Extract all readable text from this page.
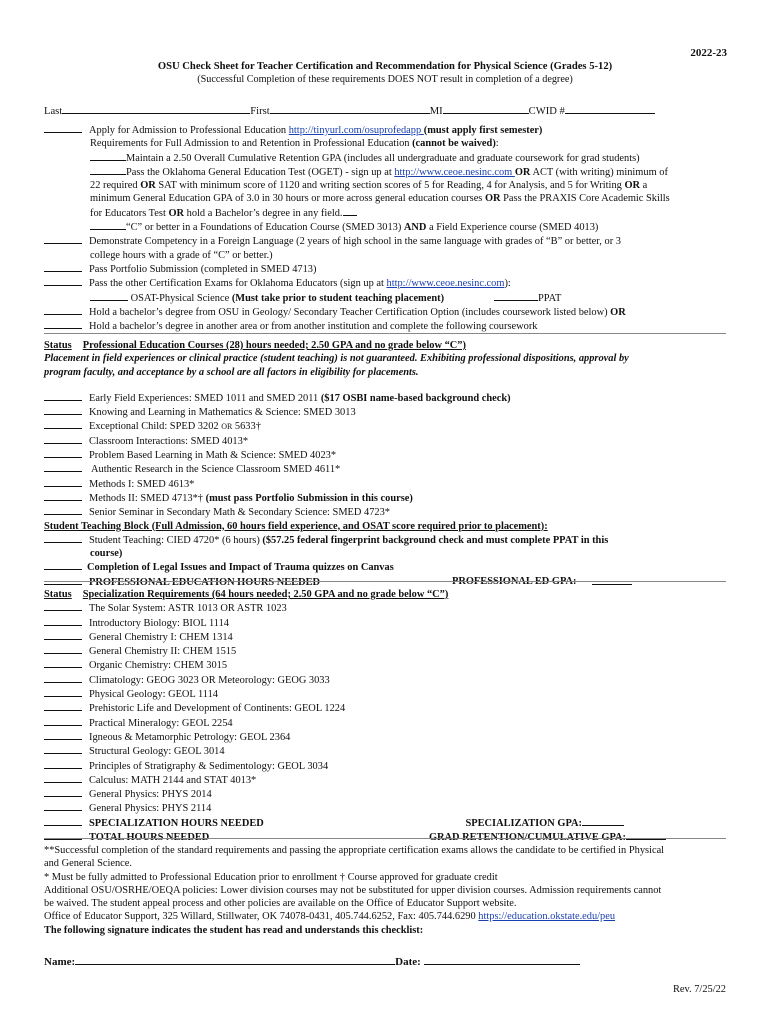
2022-23
OSU Check Sheet for Teacher Certification and Recommendation for Physical Science (Grades 5-12)
(Successful Completion of these requirements DOES NOT result in completion of a degree)
Last	First	MI	CWID #
Apply for Admission to Professional Education http://tinyurl.com/osuprofedapp (must apply first semester)
Requirements for Full Admission to and Retention in Professional Education (cannot be waived):
Maintain a 2.50 Overall Cumulative Retention GPA (includes all undergraduate and graduate coursework for grad students)
Pass the Oklahoma General Education Test (OGET) - sign up at http://www.ceoe.nesinc.com OR ACT (with writing) minimum of
22 required OR SAT with minimum score of 1120 and writing section scores of 5 for Reading, 4 for Analysis, and 5 for Writing OR a
minimum General Education GPA of 3.0 in 30 hours or more across general education courses OR Pass the PRAXIS Core Academic Skills
for Educators Test OR hold a Bachelor’s degree in any field.
“C” or better in a Foundations of Education Course (SMED 3013) AND a Field Experience course (SMED 4013)
Demonstrate Competency in a Foreign Language (2 years of high school in the same language with grades of “B” or better, or 3
college hours with a grade of “C” or better.)
Pass Portfolio Submission (completed in SMED 4713)
Pass the other Certification Exams for Oklahoma Educators (sign up at http://www.ceoe.nesinc.com):
OSAT-Physical Science (Must take prior to student teaching placement)	PPAT
Hold a bachelor’s degree from OSU in Geology/ Secondary Teacher Certification Option (includes coursework listed below) OR
Hold a bachelor’s degree in another area or from another institution and complete the following coursework
Status Professional Education Courses (28) hours needed; 2.50 GPA and no grade below “C”)
Placement in field experiences or clinical practice (student teaching) is not guaranteed. Exhibiting professional dispositions, approval by
program faculty, and acceptance by a school are all factors in eligibility for placements.
Early Field Experiences: SMED 1011 and SMED 2011 ($17 OSBI name-based background check)
Knowing and Learning in Mathematics & Science: SMED 3013
Exceptional Child: SPED 3202 OR 5633†
Classroom Interactions: SMED 4013*
Problem Based Learning in Math & Science: SMED 4023*
Authentic Research in the Science Classroom SMED 4611*
Methods I: SMED 4613*
Methods II: SMED 4713*† (must pass Portfolio Submission in this course)
Senior Seminar in Secondary Math & Secondary Science: SMED 4723*
Student Teaching Block (Full Admission, 60 hours field experience, and OSAT score required prior to placement):
Student Teaching: CIED 4720* (6 hours) ($57.25 federal fingerprint background check and must complete PPAT in this
course)
Completion of Legal Issues and Impact of Trauma quizzes on Canvas
PROFESSIONAL EDUCATION HOURS NEEDED	PROFESSIONAL ED GPA:
Status Specialization Requirements (64 hours needed; 2.50 GPA and no grade below “C”)
The Solar System: ASTR 1013 OR ASTR 1023
Introductory Biology: BIOL 1114
General Chemistry I: CHEM 1314
General Chemistry II: CHEM 1515
Organic Chemistry: CHEM 3015
Climatology: GEOG 3023 OR Meteorology: GEOG 3033
Physical Geology: GEOL 1114
Prehistoric Life and Development of Continents: GEOL 1224
Practical Mineralogy: GEOL 2254
Igneous & Metamorphic Petrology: GEOL 2364
Structural Geology: GEOL 3014
Principles of Stratigraphy & Sedimentology: GEOL 3034
Calculus: MATH 2144 and STAT 4013*
General Physics: PHYS 2014
General Physics: PHYS 2114
SPECIALIZATION HOURS NEEDED	SPECIALIZATION GPA:
TOTAL HOURS NEEDED	GRAD RETENTION/CUMULATIVE GPA:
**Successful completion of the standard requirements and passing the appropriate certification exams allows the candidate to be certified in Physical
and General Science.
* Must be fully admitted to Professional Education prior to enrollment † Course approved for graduate credit
Additional OSU/OSRHE/OEQA policies: Lower division courses may not be substituted for upper division courses. Admission requirements cannot
be waived. The student appeal process and other policies are available on the Office of Educator Support website.
Office of Educator Support, 325 Willard, Stillwater, OK 74078-0431, 405.744.6252, Fax: 405.744.6290 https://education.okstate.edu/peu
The following signature indicates the student has read and understands this checklist:
Name:	Date:
Rev. 7/25/22
